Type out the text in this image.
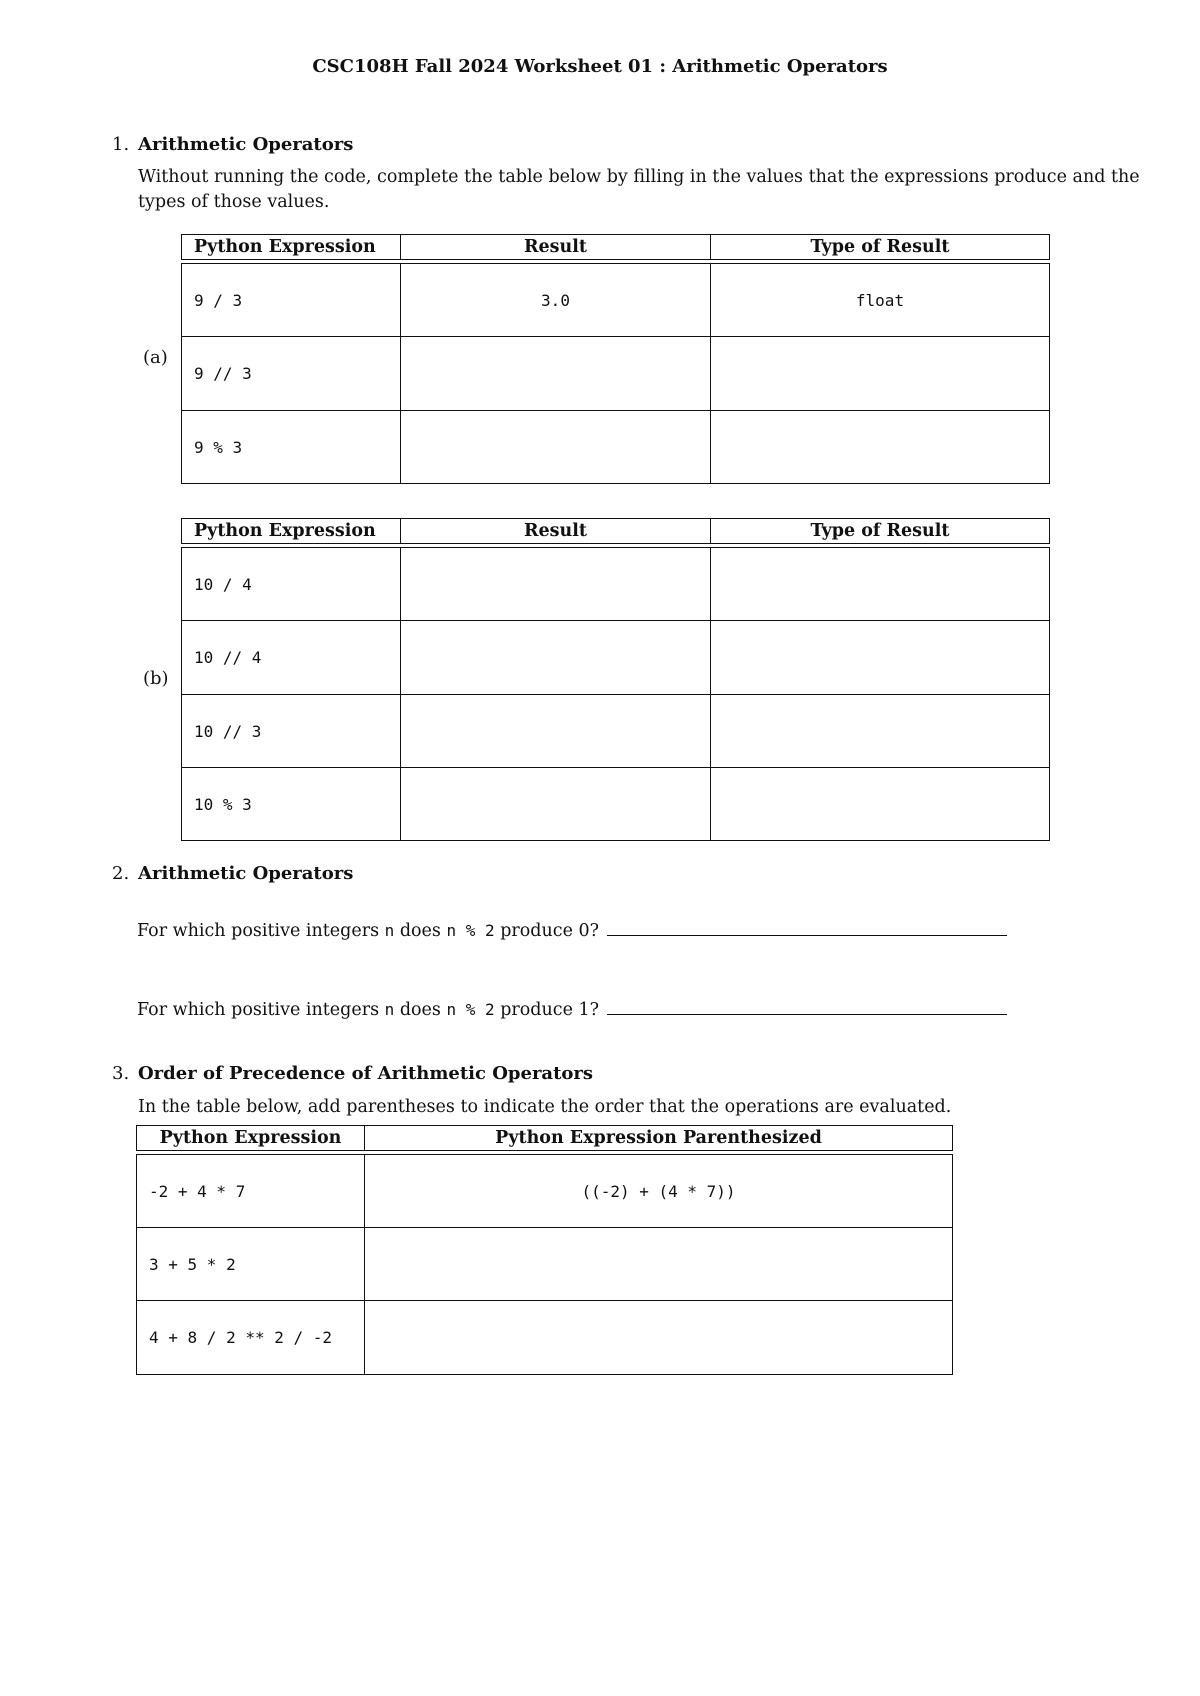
CSC108H Fall 2024 Worksheet 01 : Arithmetic Operators
1. Arithmetic Operators
Without running the code, complete the table below by filling in the values that the expressions produce and the types of those values.
(a)
Python Expression	Result	Type of Result

9 / 3	3.0	float
9 // 3		
9 % 3		
(b)
Python Expression	Result	Type of Result

10 / 4		
10 // 4		
10 // 3		
10 % 3		
2. Arithmetic Operators
For which positive integers n does n % 2 produce 0?
For which positive integers n does n % 2 produce 1?
3. Order of Precedence of Arithmetic Operators
In the table below, add parentheses to indicate the order that the operations are evaluated.
Python Expression	Python Expression Parenthesized

-2 + 4 * 7	((-2) + (4 * 7))
3 + 5 * 2	
4 + 8 / 2 ** 2 / -2	
